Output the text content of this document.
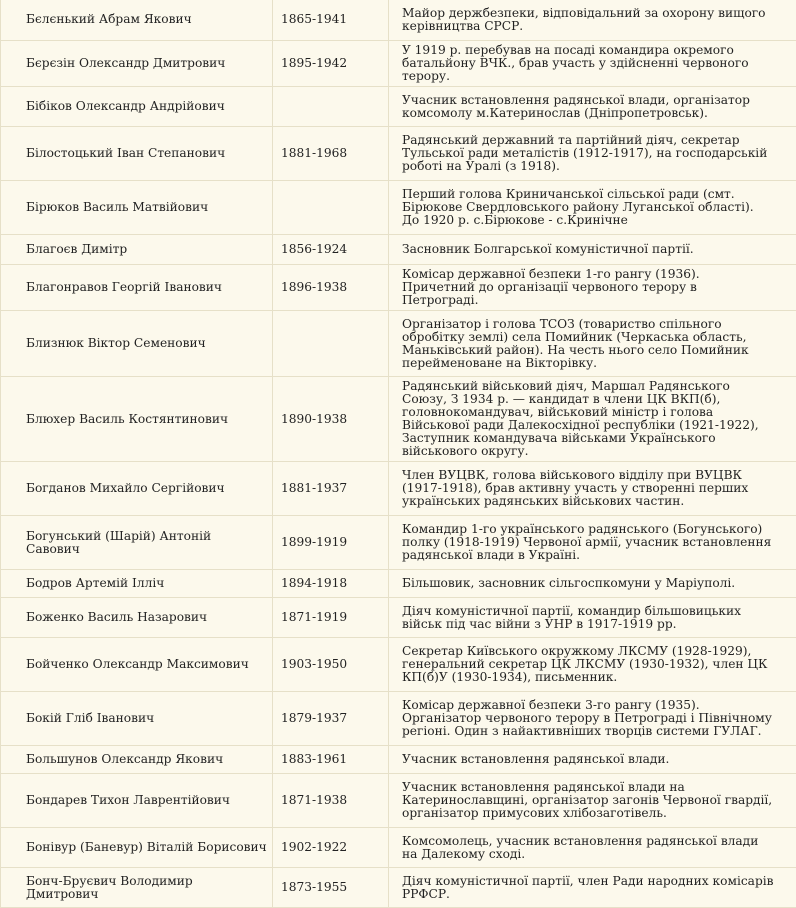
Бєлєнький Абрам Якович	1865-1941	Майор держбезпеки, відповідальний за охорону вищого керівництва СРСР.
Бєрєзін Олександр Дмитрович	1895-1942	У 1919 р. перебував на посаді командира окремого батальйону ВЧК., брав участь у здійсненні червоного терору.
Бібіков Олександр Андрійович		Учасник встановлення радянської влади, організатор комсомолу м.Катеринослав (Дніпропетровськ).
Білостоцький Іван Степанович	1881-1968	Радянський державний та партійний діяч, секретар Тульської ради металістів (1912-1917), на господарській роботі на Уралі (з 1918).
Бірюков Василь Матвійович		Перший голова Криничанської сільської ради (смт. Бірюкове Свердловського району Луганської області). До 1920 р. с.Бірюкове - с.Кринічне
Благоєв Димітр	1856-1924	Засновник Болгарської комуністичної партії.
Благонравов Георгій Іванович	1896-1938	Комісар державної безпеки 1-го рангу (1936). Причетний до організації червоного терору в Петрограді.
Близнюк Віктор Семенович		Організатор і голова ТСОЗ (товариство спільного обробітку землі) села Помийник (Черкаська область, Маньківський район). На честь нього село Помийник перейменоване на Вікторівку.
Блюхер Василь Костянтинович	1890-1938	Радянський військовий діяч, Маршал Радянського Союзу, З 1934 р. — кандидат в члени ЦК ВКП(б), головнокомандувач, військовий міністр і голова Військової ради Далекосхідної республіки (1921-1922), Заступник командувача військами Українського військового округу.
Богданов Михайло Сергійович	1881-1937	Член ВУЦВК, голова військового відділу при ВУЦВК (1917-1918), брав активну участь у створенні перших українських радянських військових частин.
Богунський (Шарій) Антоній Савович	1899-1919	Командир 1-го українського радянського (Богунського) полку (1918-1919) Червоної армії, учасник встановлення радянської влади в Україні.
Бодров Артемій Ілліч	1894-1918	Більшовик, засновник сільгоспкомуни у Маріуполі.
Боженко Василь Назарович	1871-1919	Діяч комуністичної партії, командир більшовицьких військ під час війни з УНР в 1917-1919 рр.
Бойченко Олександр Максимович	1903-1950	Секретар Київського окружкому ЛКСМУ (1928-1929), генеральний секретар ЦК ЛКСМУ (1930-1932), член ЦК КП(б)У (1930-1934), письменник.
Бокій Гліб Іванович	1879-1937	Комісар державної безпеки 3-го рангу (1935). Організатор червоного терору в Петрограді і Північному регіоні. Один з найактивніших творців системи ГУЛАГ.
Большунов Олександр Якович	1883-1961	Учасник встановлення радянської влади.
Бондарев Тихон Лаврентійович	1871-1938	Учасник встановлення радянської влади на Катеринославщині, організатор загонів Червоної гвардії, організатор примусових хлібозаготівель.
Бонівур (Баневур) Віталій Борисович	1902-1922	Комсомолець, учасник встановлення радянської влади на Далекому сході.
Бонч-Бруєвич Володимир Дмитрович	1873-1955	Діяч комуністичної партії, член Ради народних комісарів РРФСР.
